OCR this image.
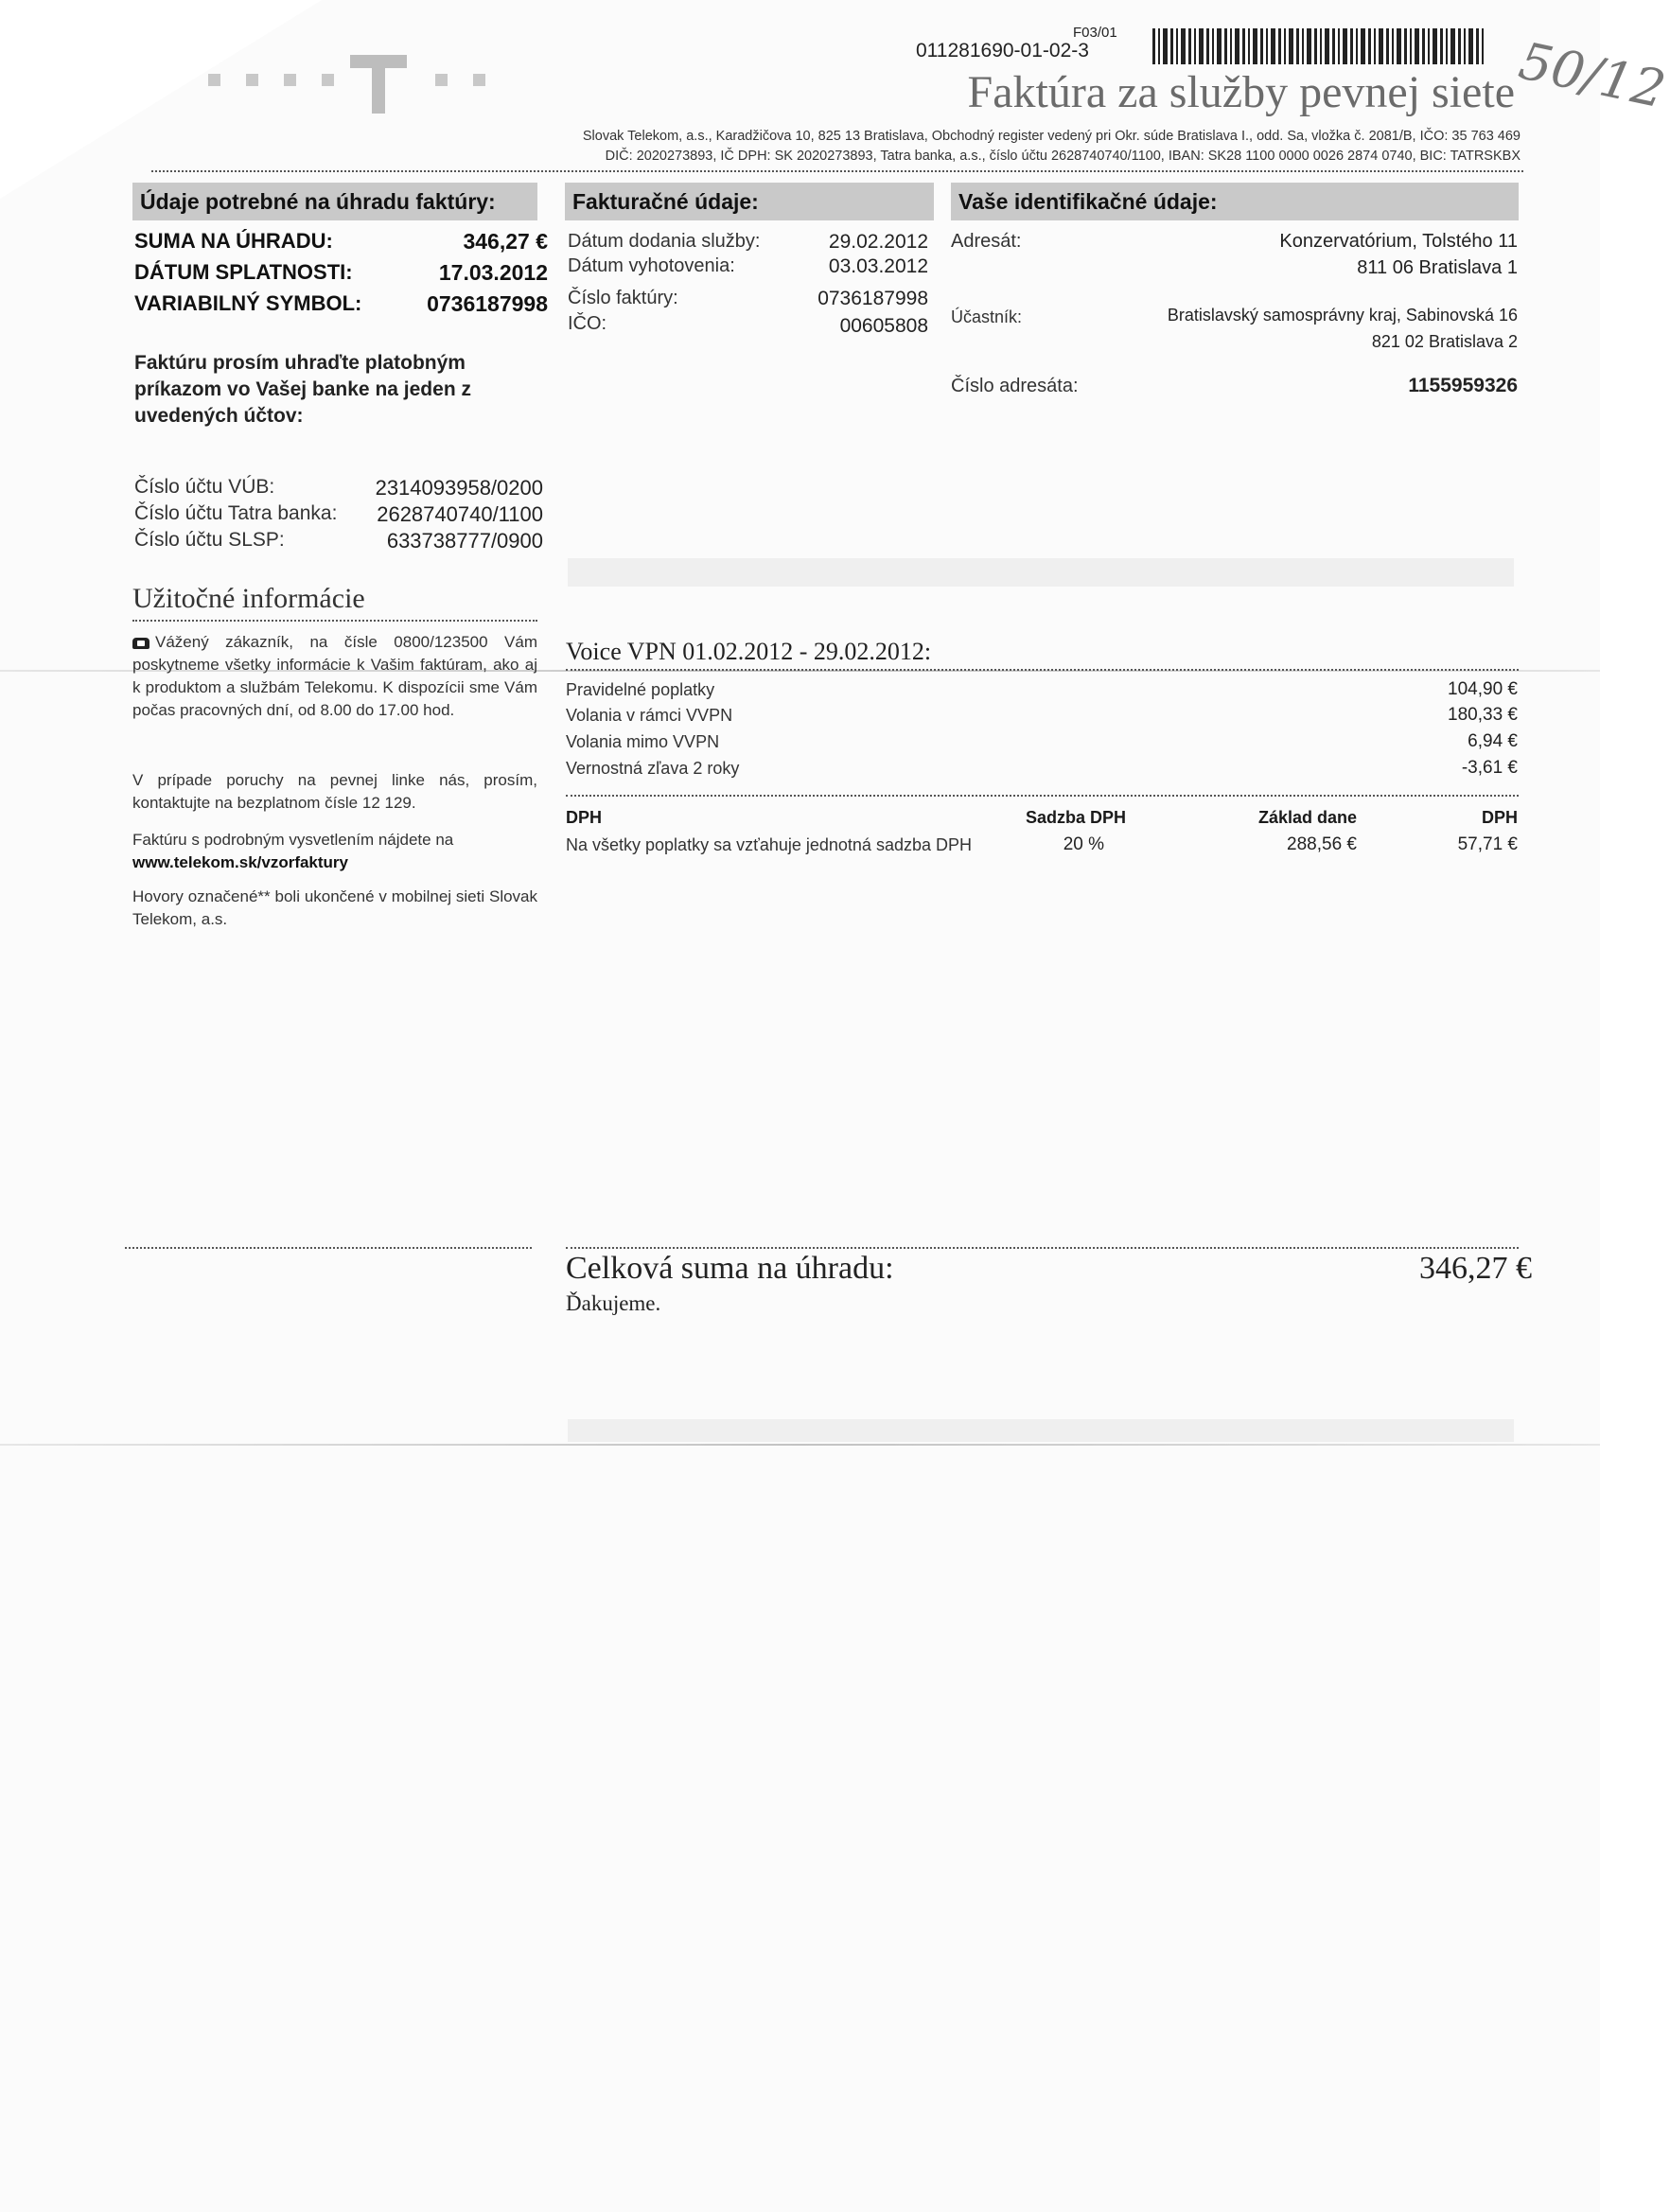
F03/01
011281690-01-02-3
Faktúra za služby pevnej siete 50/12
Slovak Telekom, a.s., Karadžičova 10, 825 13 Bratislava, Obchodný register vedený pri Okr. súde Bratislava I., odd. Sa, vložka č. 2081/B, IČO: 35 763 469
DIČ: 2020273893, IČ DPH: SK 2020273893, Tatra banka, a.s., číslo účtu 2628740740/1100, IBAN: SK28 1100 0000 0026 2874 0740, BIC: TATRSKBX
Údaje potrebné na úhradu faktúry:
SUMA NA ÚHRADU:	346,27 €
DÁTUM SPLATNOSTI:	17.03.2012
VARIABILNÝ SYMBOL:	0736187998
Faktúru prosím uhraďte platobným príkazom vo Vašej banke na jeden z uvedených účtov:
Číslo účtu VÚB:	2314093958/0200
Číslo účtu Tatra banka: 2628740740/1100
Číslo účtu SLSP:	633738777/0900
Užitočné informácie
Vážený zákazník, na čísle 0800/123500 Vám poskytneme všetky informácie k Vašim faktúram, ako aj k produktom a službám Telekomu. K dispozícii sme Vám počas pracovných dní, od 8.00 do 17.00 hod.
V prípade poruchy na pevnej linke nás, prosím, kontaktujte na bezplatnom čísle 12 129.
Faktúru s podrobným vysvetlením nájdete na
www.telekom.sk/vzorfaktury
Hovory označené** boli ukončené v mobilnej sieti Slovak Telekom, a.s.
Fakturačné údaje:
Dátum dodania služby:	29.02.2012
Dátum vyhotovenia:	03.03.2012
Číslo faktúry:	0736187998
IČO:	00605808
Vaše identifikačné údaje:
Adresát:	Konzervatórium, Tolstého 11
811 06 Bratislava 1
Účastník:	Bratislavský samosprávny kraj, Sabinovská 16
821 02 Bratislava 2
Číslo adresáta:	1155959326
Voice VPN 01.02.2012 - 29.02.2012:
Pravidelné poplatky	104,90 €
Volania v rámci VVPN	180,33 €
Volania mimo VVPN	6,94 €
Vernostná zľava 2 roky	-3,61 €
DPH	Sadzba DPH	Základ dane	DPH
Na všetky poplatky sa vzťahuje jednotná sadzba DPH	20 %	288,56 €	57,71 €
Celková suma na úhradu:	346,27 €
Ďakujeme.
